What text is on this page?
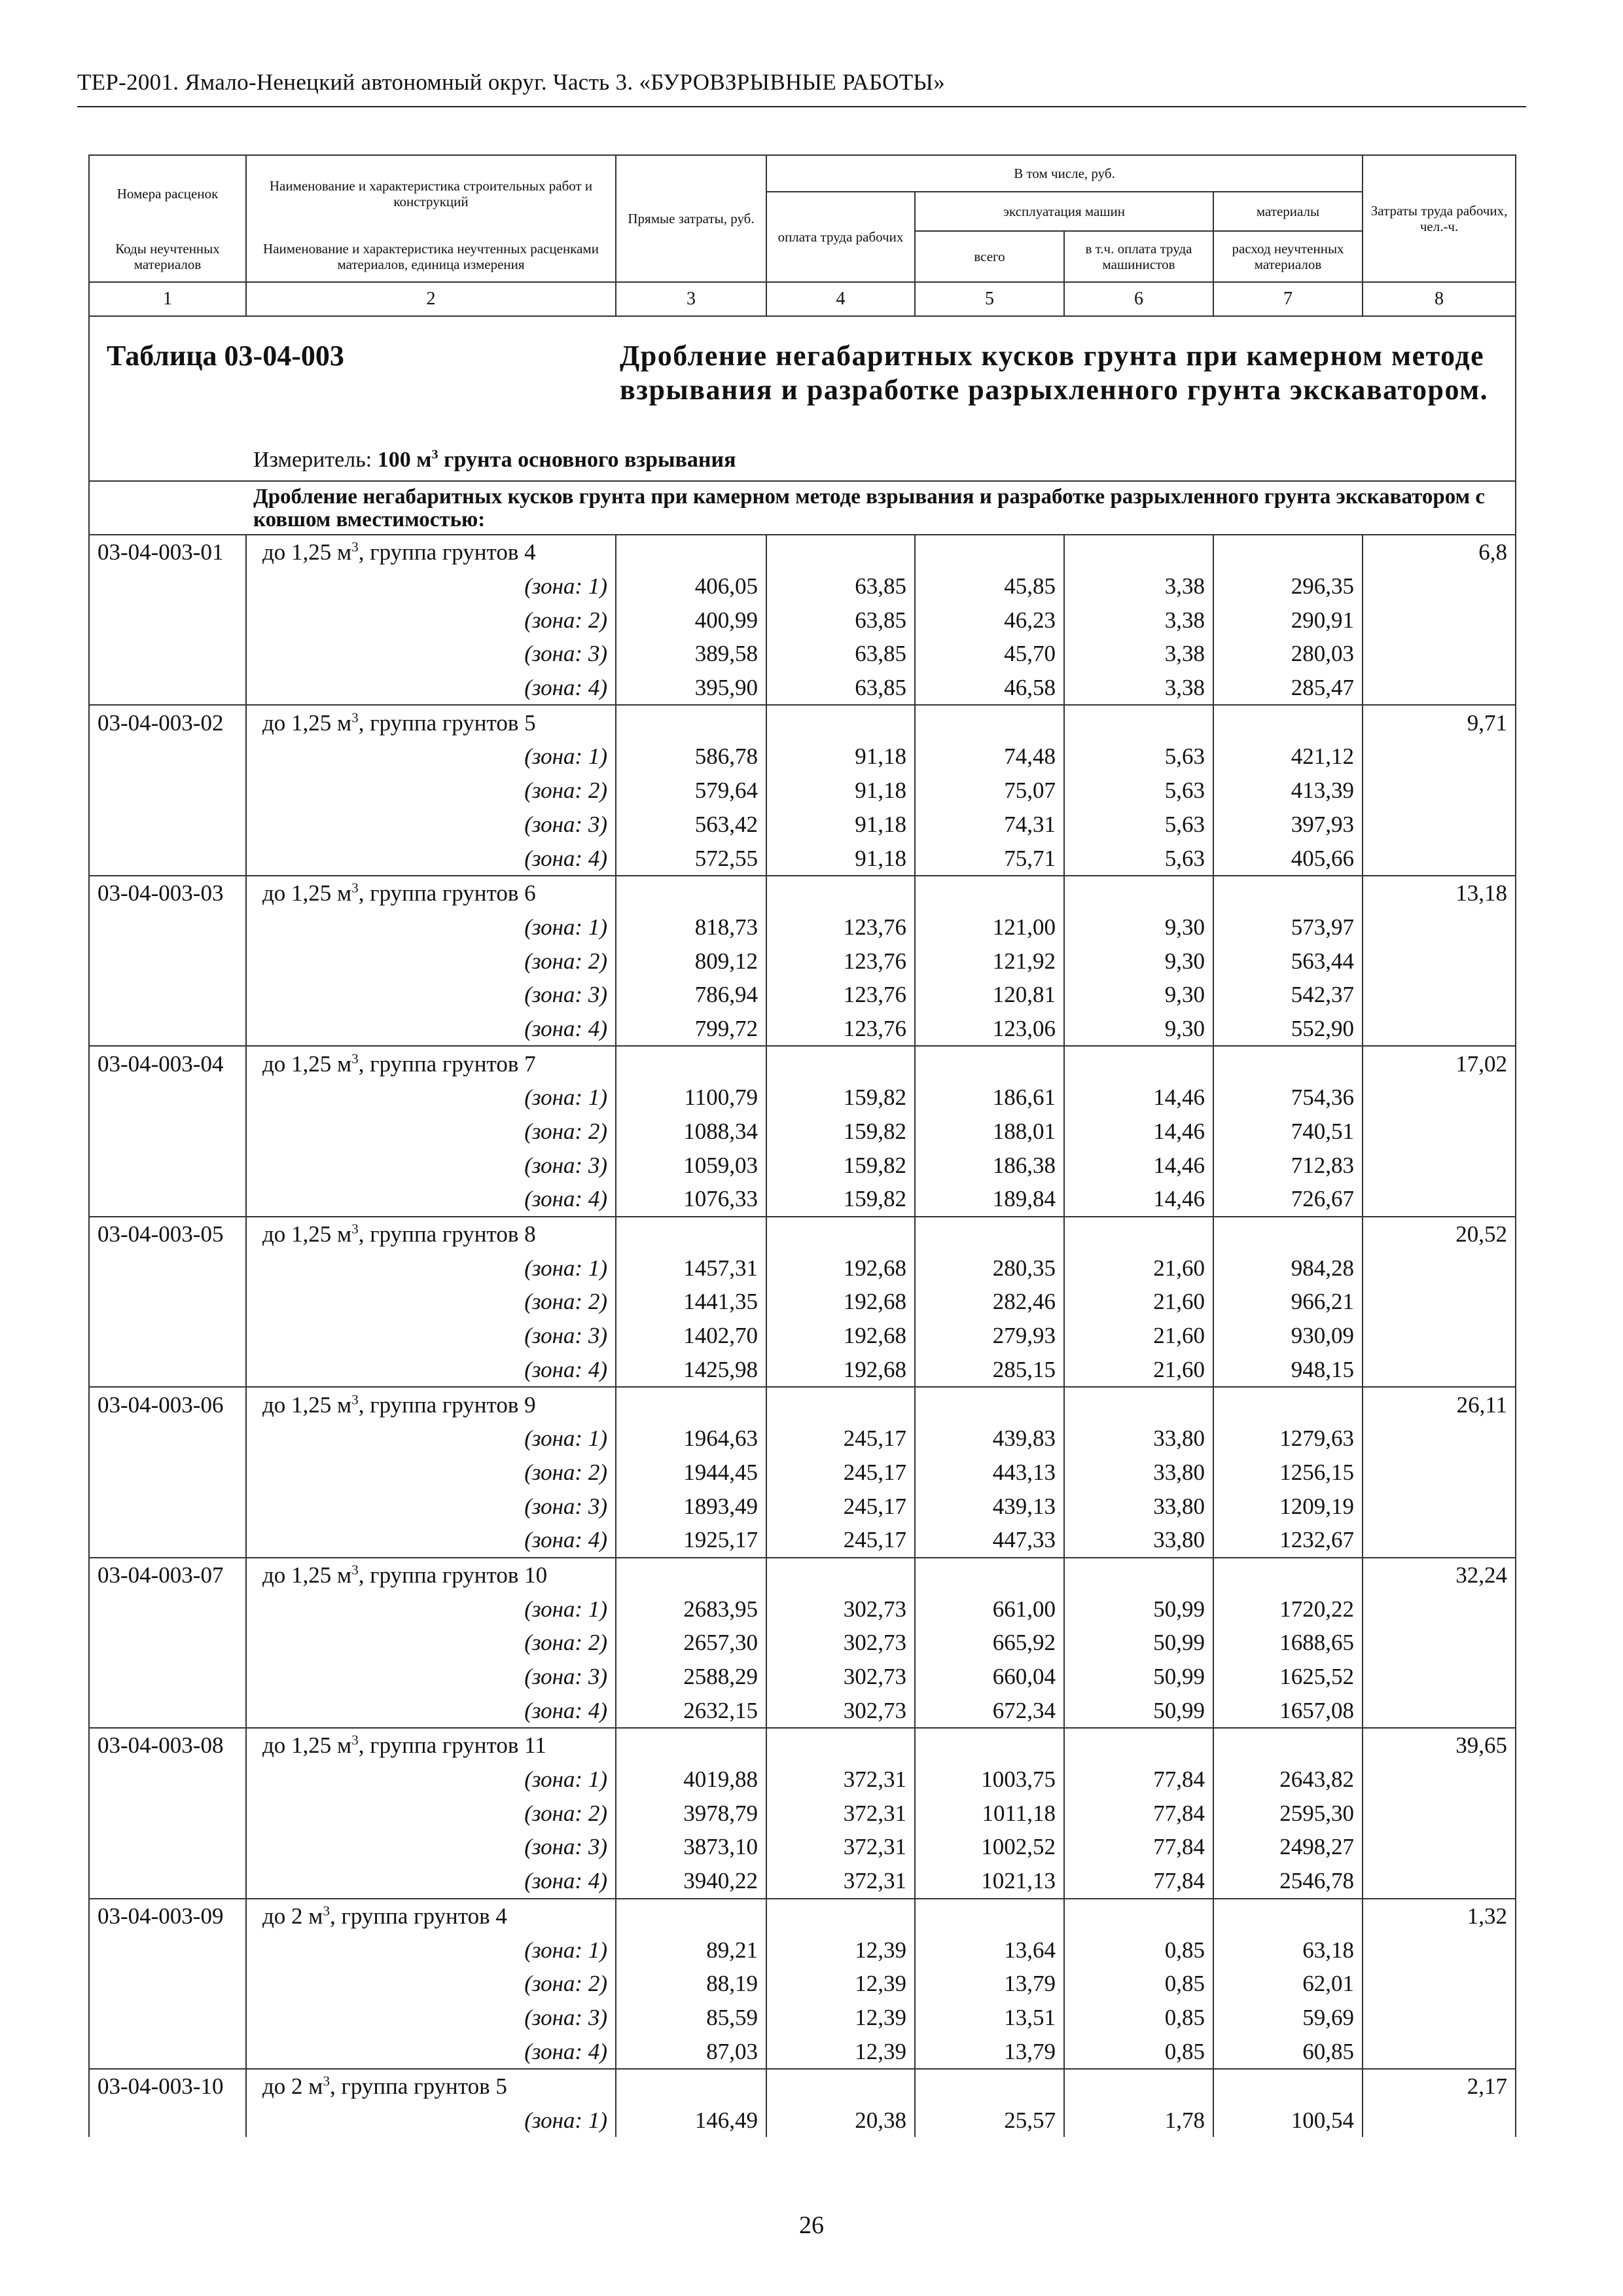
ТЕР-2001. Ямало-Ненецкий автономный округ. Часть 3. «БУРОВЗРЫВНЫЕ РАБОТЫ»
Номера расценок	Наименование и характеристика строительных работ и конструкций	Прямые затраты, руб.	В том числе, руб.				Затраты труда рабочих, чел.-ч.
			оплата труда рабочих	эксплуатация машин		материалы	
Коды неучтенных материалов	Наименование и характеристика неучтенных расценками материалов, единица измерения			всего	в т.ч. оплата труда машинистов	расход неучтенных материалов	

1	2	3	4	5	6	7	8

Таблица 03-04-003 Дробление негабаритных кусков грунта при камерном методе взрывания и разработке разрыхленного грунта экскаватором.
Измеритель: 100 $м^3$ грунта основного взрывания							

Дробление негабаритных кусков грунта при камерном методе взрывания и разработке разрыхленного грунта экскаватором с ковшом вместимостью:							
03-04-003-01	до 1,25 $м^3$, группа грунтов 4						6,8
	(зона: 1)	406,05	63,85	45,85	3,38	296,35	
	(зона: 2)	400,99	63,85	46,23	3,38	290,91	
	(зона: 3)	389,58	63,85	45,70	3,38	280,03	
	(зона: 4)	395,90	63,85	46,58	3,38	285,47	
03-04-003-02	до 1,25 $м^3$, группа грунтов 5						9,71
	(зона: 1)	586,78	91,18	74,48	5,63	421,12	
	(зона: 2)	579,64	91,18	75,07	5,63	413,39	
	(зона: 3)	563,42	91,18	74,31	5,63	397,93	
	(зона: 4)	572,55	91,18	75,71	5,63	405,66	
03-04-003-03	до 1,25 $м^3$, группа грунтов 6						13,18
	(зона: 1)	818,73	123,76	121,00	9,30	573,97	
	(зона: 2)	809,12	123,76	121,92	9,30	563,44	
	(зона: 3)	786,94	123,76	120,81	9,30	542,37	
	(зона: 4)	799,72	123,76	123,06	9,30	552,90	
03-04-003-04	до 1,25 $м^3$, группа грунтов 7						17,02
	(зона: 1)	1100,79	159,82	186,61	14,46	754,36	
	(зона: 2)	1088,34	159,82	188,01	14,46	740,51	
	(зона: 3)	1059,03	159,82	186,38	14,46	712,83	
	(зона: 4)	1076,33	159,82	189,84	14,46	726,67	
03-04-003-05	до 1,25 $м^3$, группа грунтов 8						20,52
	(зона: 1)	1457,31	192,68	280,35	21,60	984,28	
	(зона: 2)	1441,35	192,68	282,46	21,60	966,21	
	(зона: 3)	1402,70	192,68	279,93	21,60	930,09	
	(зона: 4)	1425,98	192,68	285,15	21,60	948,15	
03-04-003-06	до 1,25 $м^3$, группа грунтов 9						26,11
	(зона: 1)	1964,63	245,17	439,83	33,80	1279,63	
	(зона: 2)	1944,45	245,17	443,13	33,80	1256,15	
	(зона: 3)	1893,49	245,17	439,13	33,80	1209,19	
	(зона: 4)	1925,17	245,17	447,33	33,80	1232,67	
03-04-003-07	до 1,25 $м^3$, группа грунтов 10						32,24
	(зона: 1)	2683,95	302,73	661,00	50,99	1720,22	
	(зона: 2)	2657,30	302,73	665,92	50,99	1688,65	
	(зона: 3)	2588,29	302,73	660,04	50,99	1625,52	
	(зона: 4)	2632,15	302,73	672,34	50,99	1657,08	
03-04-003-08	до 1,25 $м^3$, группа грунтов 11						39,65
	(зона: 1)	4019,88	372,31	1003,75	77,84	2643,82	
	(зона: 2)	3978,79	372,31	1011,18	77,84	2595,30	
	(зона: 3)	3873,10	372,31	1002,52	77,84	2498,27	
	(зона: 4)	3940,22	372,31	1021,13	77,84	2546,78	
03-04-003-09	до 2 $м^3$, группа грунтов 4						1,32
	(зона: 1)	89,21	12,39	13,64	0,85	63,18	
	(зона: 2)	88,19	12,39	13,79	0,85	62,01	
	(зона: 3)	85,59	12,39	13,51	0,85	59,69	
	(зона: 4)	87,03	12,39	13,79	0,85	60,85	
03-04-003-10	до 2 $м^3$, группа грунтов 5						2,17
	(зона: 1)	146,49	20,38	25,57	1,78	100,54	
26
